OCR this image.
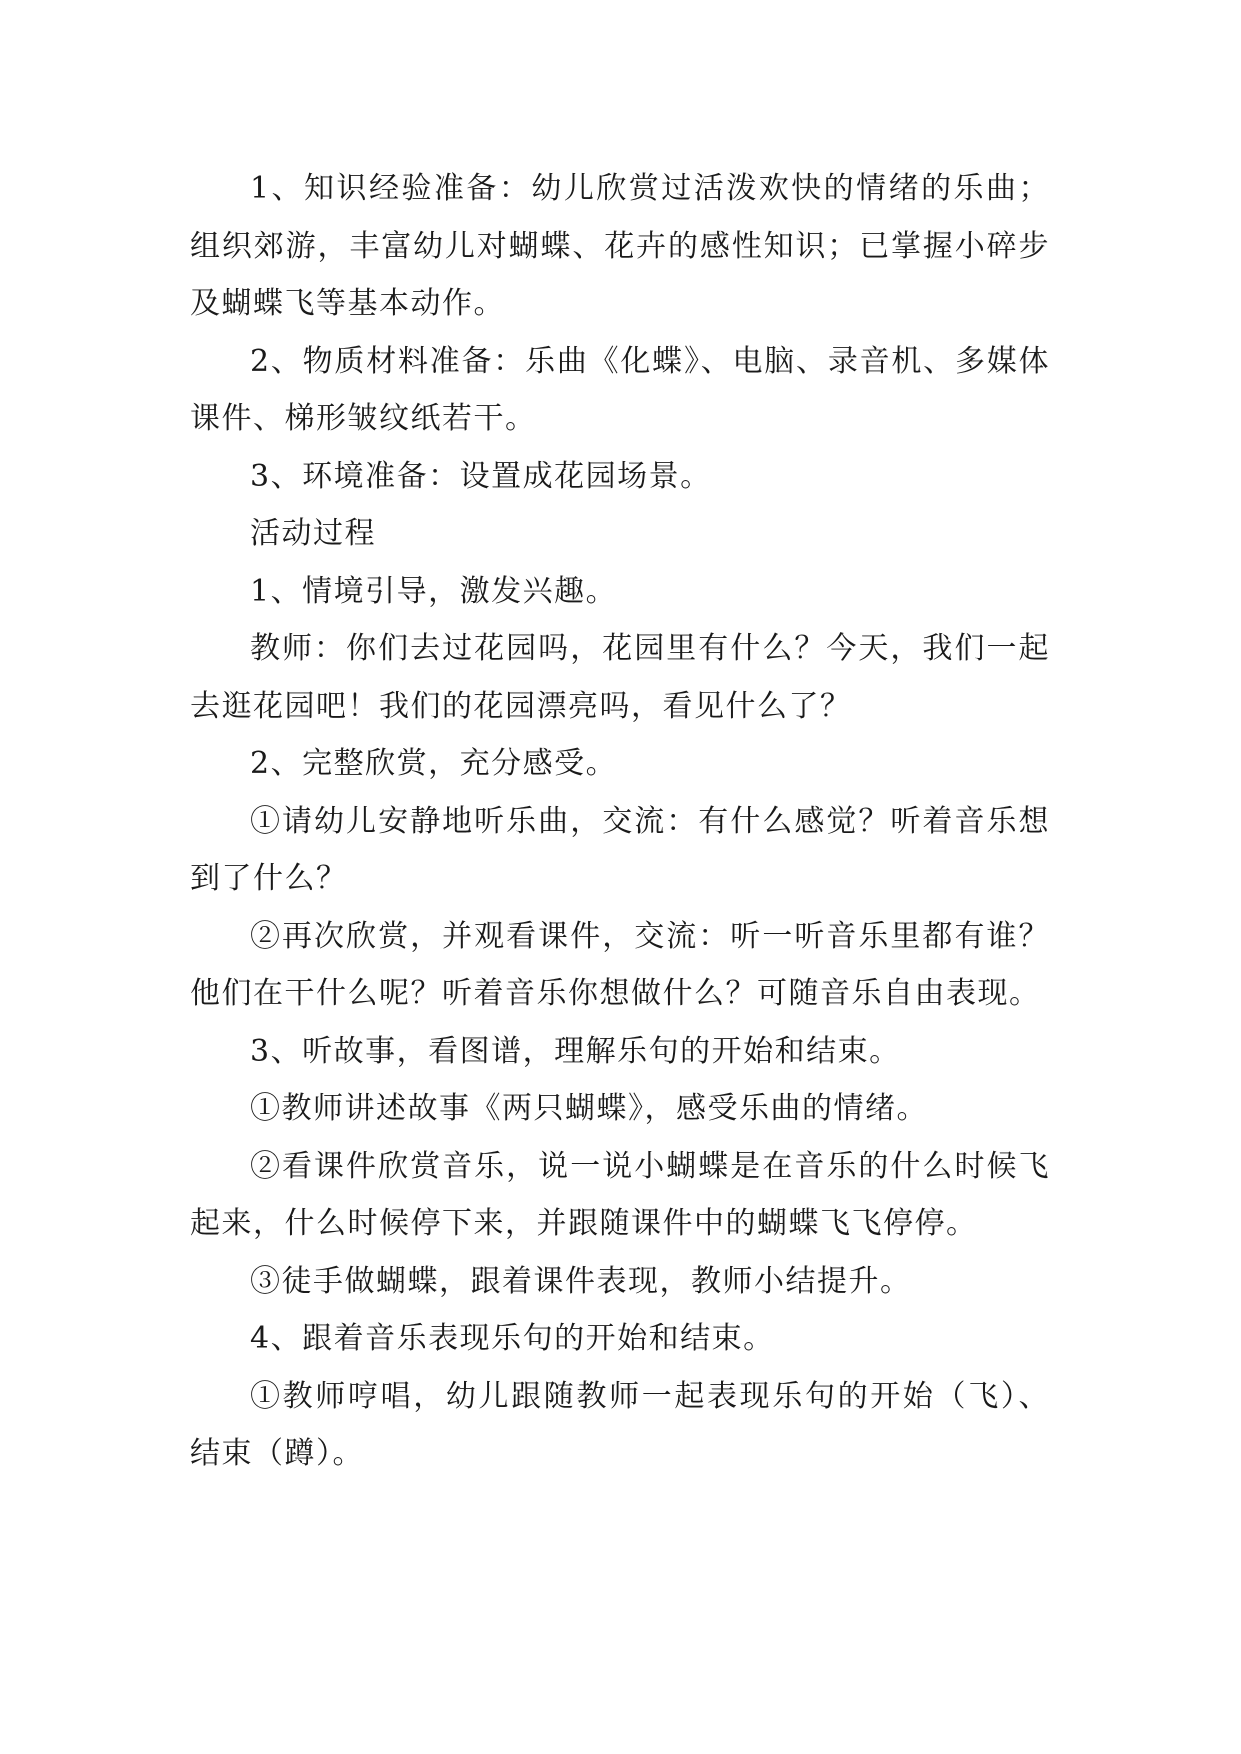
1、知识经验准备：幼儿欣赏过活泼欢快的情绪的乐曲；组织郊游，丰富幼儿对蝴蝶、花卉的感性知识；已掌握小碎步及蝴蝶飞等基本动作。

2、物质材料准备：乐曲《化蝶》、电脑、录音机、多媒体课件、梯形皱纹纸若干。

3、环境准备：设置成花园场景。

活动过程

1、情境引导，激发兴趣。

教师：你们去过花园吗，花园里有什么？今天，我们一起去逛花园吧！我们的花园漂亮吗，看见什么了？

2、完整欣赏，充分感受。

①请幼儿安静地听乐曲，交流：有什么感觉？听着音乐想到了什么？

②再次欣赏，并观看课件，交流：听一听音乐里都有谁？他们在干什么呢？听着音乐你想做什么？可随音乐自由表现。

3、听故事，看图谱，理解乐句的开始和结束。

①教师讲述故事《两只蝴蝶》，感受乐曲的情绪。

②看课件欣赏音乐，说一说小蝴蝶是在音乐的什么时候飞起来，什么时候停下来，并跟随课件中的蝴蝶飞飞停停。

③徒手做蝴蝶，跟着课件表现，教师小结提升。

4、跟着音乐表现乐句的开始和结束。

①教师哼唱，幼儿跟随教师一起表现乐句的开始（飞）、结束（蹲）。
